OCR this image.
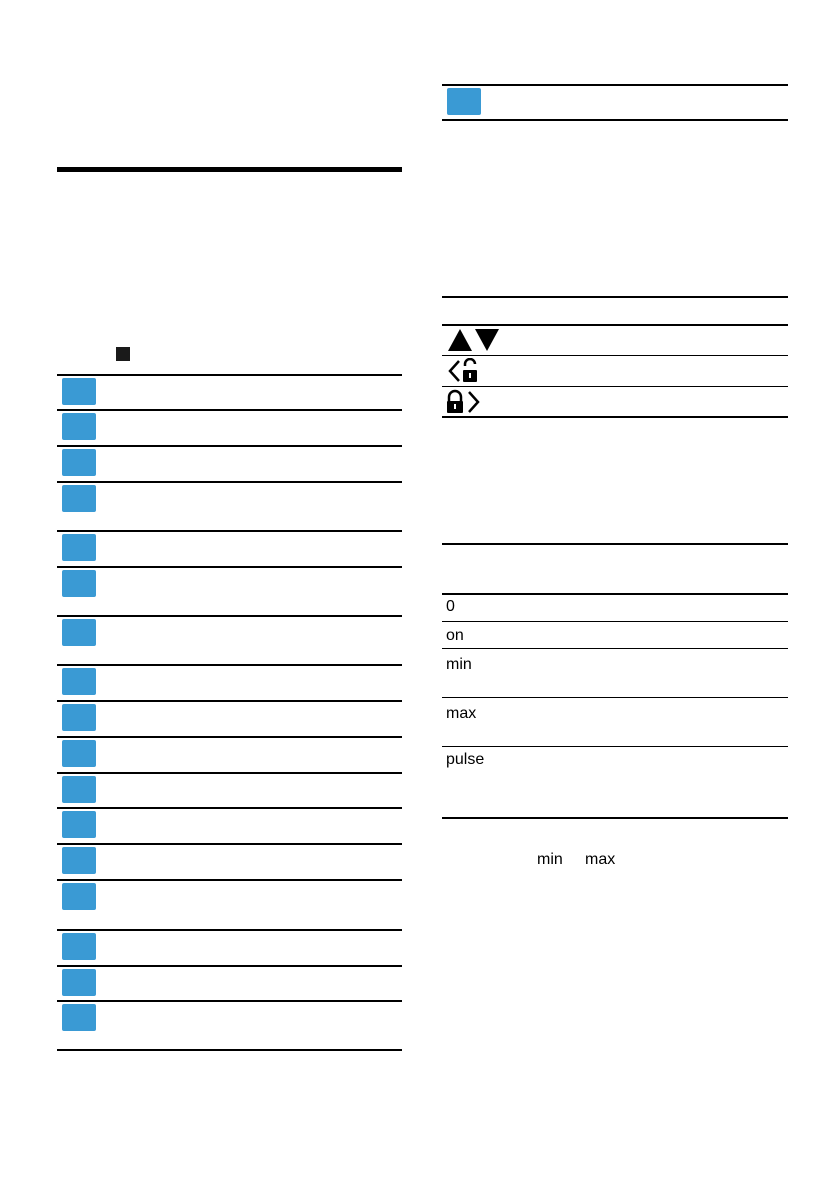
0
on
min
max
pulse
min max
